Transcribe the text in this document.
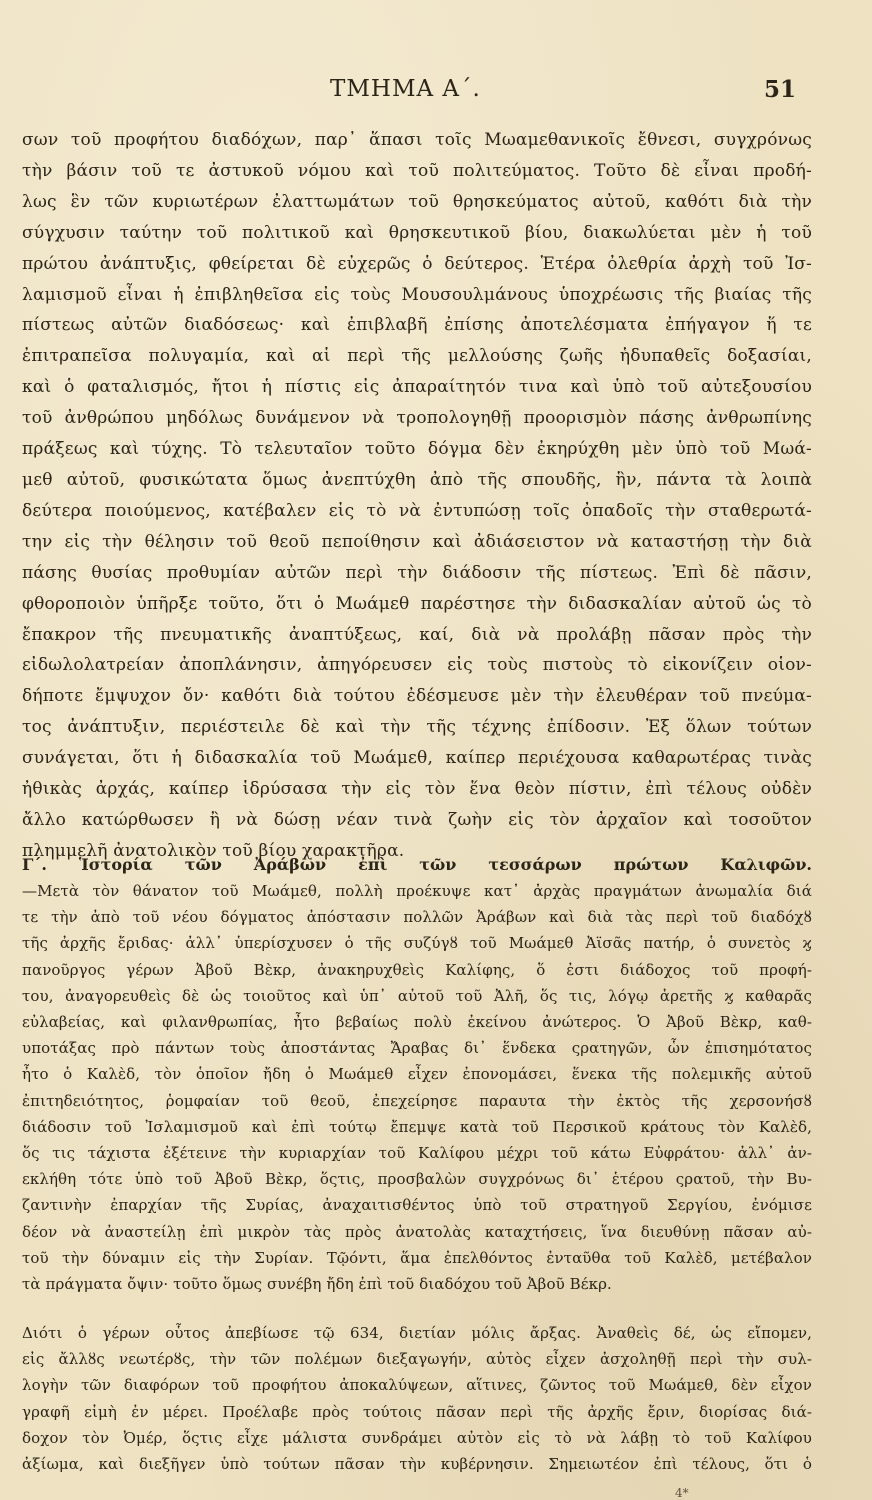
ΤΜΗΜΑ Α΄.	51
σων τοῦ προφήτου διαδόχων, παρ᾽ ἅπασι τοῖς Μωαμεθανικοῖς ἔθνεσι, συγχρόνως
τὴν βάσιν τοῦ τε ἀστυκοῦ νόμου καὶ τοῦ πολιτεύματος. Τοῦτο δὲ εἶναι προδή-
λως ἓν τῶν κυριωτέρων ἐλαττωμάτων τοῦ θρησκεύματος αὐτοῦ, καθότι διὰ τὴν
σύγχυσιν ταύτην τοῦ πολιτικοῦ καὶ θρησκευτικοῦ βίου, διακωλύεται μὲν ἡ τοῦ
πρώτου ἀνάπτυξις, φθείρεται δὲ εὐχερῶς ὁ δεύτερος. Ἑτέρα ὀλεθρία ἀρχὴ τοῦ Ἰσ-
λαμισμοῦ εἶναι ἡ ἐπιβληθεῖσα εἰς τοὺς Μουσουλμάνους ὑποχρέωσις τῆς βιαίας τῆς
πίστεως αὐτῶν διαδόσεως· καὶ ἐπιβλαβῆ ἐπίσης ἀποτελέσματα ἐπήγαγον ἥ τε
ἐπιτραπεῖσα πολυγαμία, καὶ αἱ περὶ τῆς μελλούσης ζωῆς ἡδυπαθεῖς δοξασίαι,
καὶ ὁ φαταλισμός, ἤτοι ἡ πίστις εἰς ἀπαραίτητόν τινα καὶ ὑπὸ τοῦ αὐτεξουσίου
τοῦ ἀνθρώπου μηδόλως δυνάμενον νὰ τροπολογηθῇ προορισμὸν πάσης ἀνθρωπίνης
πράξεως καὶ τύχης. Τὸ τελευταῖον τοῦτο δόγμα δὲν ἐκηρύχθη μὲν ὑπὸ τοῦ Μωά-
μεθ αὐτοῦ, φυσικώτατα ὅμως ἀνεπτύχθη ἀπὸ τῆς σπουδῆς, ἣν, πάντα τὰ λοιπὰ
δεύτερα ποιούμενος, κατέβαλεν εἰς τὸ νὰ ἐντυπώσῃ τοῖς ὀπαδοῖς τὴν σταθερωτά-
την εἰς τὴν θέλησιν τοῦ θεοῦ πεποίθησιν καὶ ἀδιάσειστον νὰ καταστήσῃ τὴν διὰ
πάσης θυσίας προθυμίαν αὐτῶν περὶ τὴν διάδοσιν τῆς πίστεως. Ἐπὶ δὲ πᾶσιν,
φθοροποιὸν ὑπῆρξε τοῦτο, ὅτι ὁ Μωάμεθ παρέστησε τὴν διδασκαλίαν αὐτοῦ ὡς τὸ
ἔπακρον τῆς πνευματικῆς ἀναπτύξεως, καί, διὰ νὰ προλάβῃ πᾶσαν πρὸς τὴν
εἰδωλολατρείαν ἀποπλάνησιν, ἀπηγόρευσεν εἰς τοὺς πιστοὺς τὸ εἰκονίζειν οἱον-
δήποτε ἔμψυχον ὄν· καθότι διὰ τούτου ἐδέσμευσε μὲν τὴν ἐλευθέραν τοῦ πνεύμα-
τος ἀνάπτυξιν, περιέστειλε δὲ καὶ τὴν τῆς τέχνης ἐπίδοσιν. Ἐξ ὅλων τούτων
συνάγεται, ὅτι ἡ διδασκαλία τοῦ Μωάμεθ, καίπερ περιέχουσα καθαρωτέρας τινὰς
ἠθικὰς ἀρχάς, καίπερ ἱδρύσασα τὴν εἰς τὸν ἕνα θεὸν πίστιν, ἐπὶ τέλους οὐδὲν
ἄλλο κατώρθωσεν ἢ νὰ δώσῃ νέαν τινὰ ζωὴν εἰς τὸν ἀρχαῖον καὶ τοσοῦτον
πλημμελῆ ἀνατολικὸν τοῦ βίου χαρακτῆρα.
Γ΄. Ἱστορία τῶν Ἀράβων ἐπὶ τῶν τεσσάρων πρώτων Καλιφῶν.
—Μετὰ τὸν θάνατον τοῦ Μωάμεθ, πολλὴ προέκυψε κατ᾽ ἀρχὰς πραγμάτων ἀνωμαλία διά
τε τὴν ἀπὸ τοῦ νέου δόγματος ἀπόστασιν πολλῶν Ἀράβων καὶ διὰ τὰς περὶ τοῦ διαδόχȣ
τῆς ἀρχῆς ἔριδας· ἀλλ᾽ ὑπερίσχυσεν ὁ τῆς συζύγȣ τοῦ Μωάμεθ Ἀϊσᾶς πατήρ, ὁ συνετὸς ϗ
πανοῦργος γέρων Ἀβοῦ Βὲκρ, ἀνακηρυχθεὶς Καλίφης, ὅ ἐστι διάδοχος τοῦ προφή-
του, ἀναγορευθεὶς δὲ ὡς τοιοῦτος καὶ ὑπ᾽ αὐτοῦ τοῦ Ἀλῆ, ὅς τις, λόγῳ ἀρετῆς ϗ καθαρᾶς
εὐλαβείας, καὶ φιλανθρωπίας, ἦτο βεβαίως πολὺ ἐκείνου ἀνώτερος. Ὁ Ἀβοῦ Βὲκρ, καθ-
υποτάξας πρὸ πάντων τοὺς ἀποστάντας Ἄραβας δι᾽ ἕνδεκα ςρατηγῶν, ὧν ἐπισημότατος
ἦτο ὁ Καλὲδ, τὸν ὁποῖον ἤδη ὁ Μωάμεθ εἶχεν ἐπονομάσει, ἕνεκα τῆς πολεμικῆς αὐτοῦ
ἐπιτηδειότητος, ῥομφαίαν τοῦ θεοῦ, ἐπεχείρησε παραυτα τὴν ἐκτὸς τῆς χερσονήσȣ
διάδοσιν τοῦ Ἰσλαμισμοῦ καὶ ἐπὶ τούτῳ ἔπεμψε κατὰ τοῦ Περσικοῦ κράτους τὸν Καλὲδ,
ὅς τις τάχιστα ἐξέτεινε τὴν κυριαρχίαν τοῦ Καλίφου μέχρι τοῦ κάτω Εὐφράτου· ἀλλ᾽ ἀν-
εκλήθη τότε ὑπὸ τοῦ Ἀβοῦ Βὲκρ, ὅςτις, προσβαλὼν συγχρόνως δι᾽ ἑτέρου ςρατοῦ, τὴν Βυ-
ζαντινὴν ἐπαρχίαν τῆς Συρίας, ἀναχαιτισθέντος ὑπὸ τοῦ στρατηγοῦ Σεργίου, ἐνόμισε
δέον νὰ ἀναστείλῃ ἐπὶ μικρὸν τὰς πρὸς ἀνατολὰς καταχτήσεις, ἵνα διευθύνῃ πᾶσαν αὐ-
τοῦ τὴν δύναμιν εἰς τὴν Συρίαν. Τῷόντι, ἅμα ἐπελθόντος ἐνταῦθα τοῦ Καλὲδ, μετέβαλον
τὰ πράγματα ὄψιν· τοῦτο ὅμως συνέβη ἤδη ἐπὶ τοῦ διαδόχου τοῦ Ἀβοῦ Βέκρ.
Διότι ὁ γέρων οὗτος ἀπεβίωσε τῷ 634, διετίαν μόλις ἄρξας. Ἀναθεὶς δέ, ὡς εἴπομεν,
εἰς ἄλλȣς νεωτέρȣς, τὴν τῶν πολέμων διεξαγωγήν, αὐτὸς εἶχεν ἀσχοληθῇ περὶ τὴν συλ-
λογὴν τῶν διαφόρων τοῦ προφήτου ἀποκαλύψεων, αἵτινες, ζῶντος τοῦ Μωάμεθ, δὲν εἶχον
γραφῆ εἰμὴ ἐν μέρει. Προέλαβε πρὸς τούτοις πᾶσαν περὶ τῆς ἀρχῆς ἔριν, διορίσας διά-
δοχον τὸν Ὀμέρ, ὅςτις εἶχε μάλιστα συνδράμει αὐτὸν εἰς τὸ νὰ λάβῃ τὸ τοῦ Καλίφου
ἀξίωμα, καὶ διεξῆγεν ὑπὸ τούτων πᾶσαν τὴν κυβέρνησιν. Σημειωτέον ἐπὶ τέλους, ὅτι ὁ
4*
